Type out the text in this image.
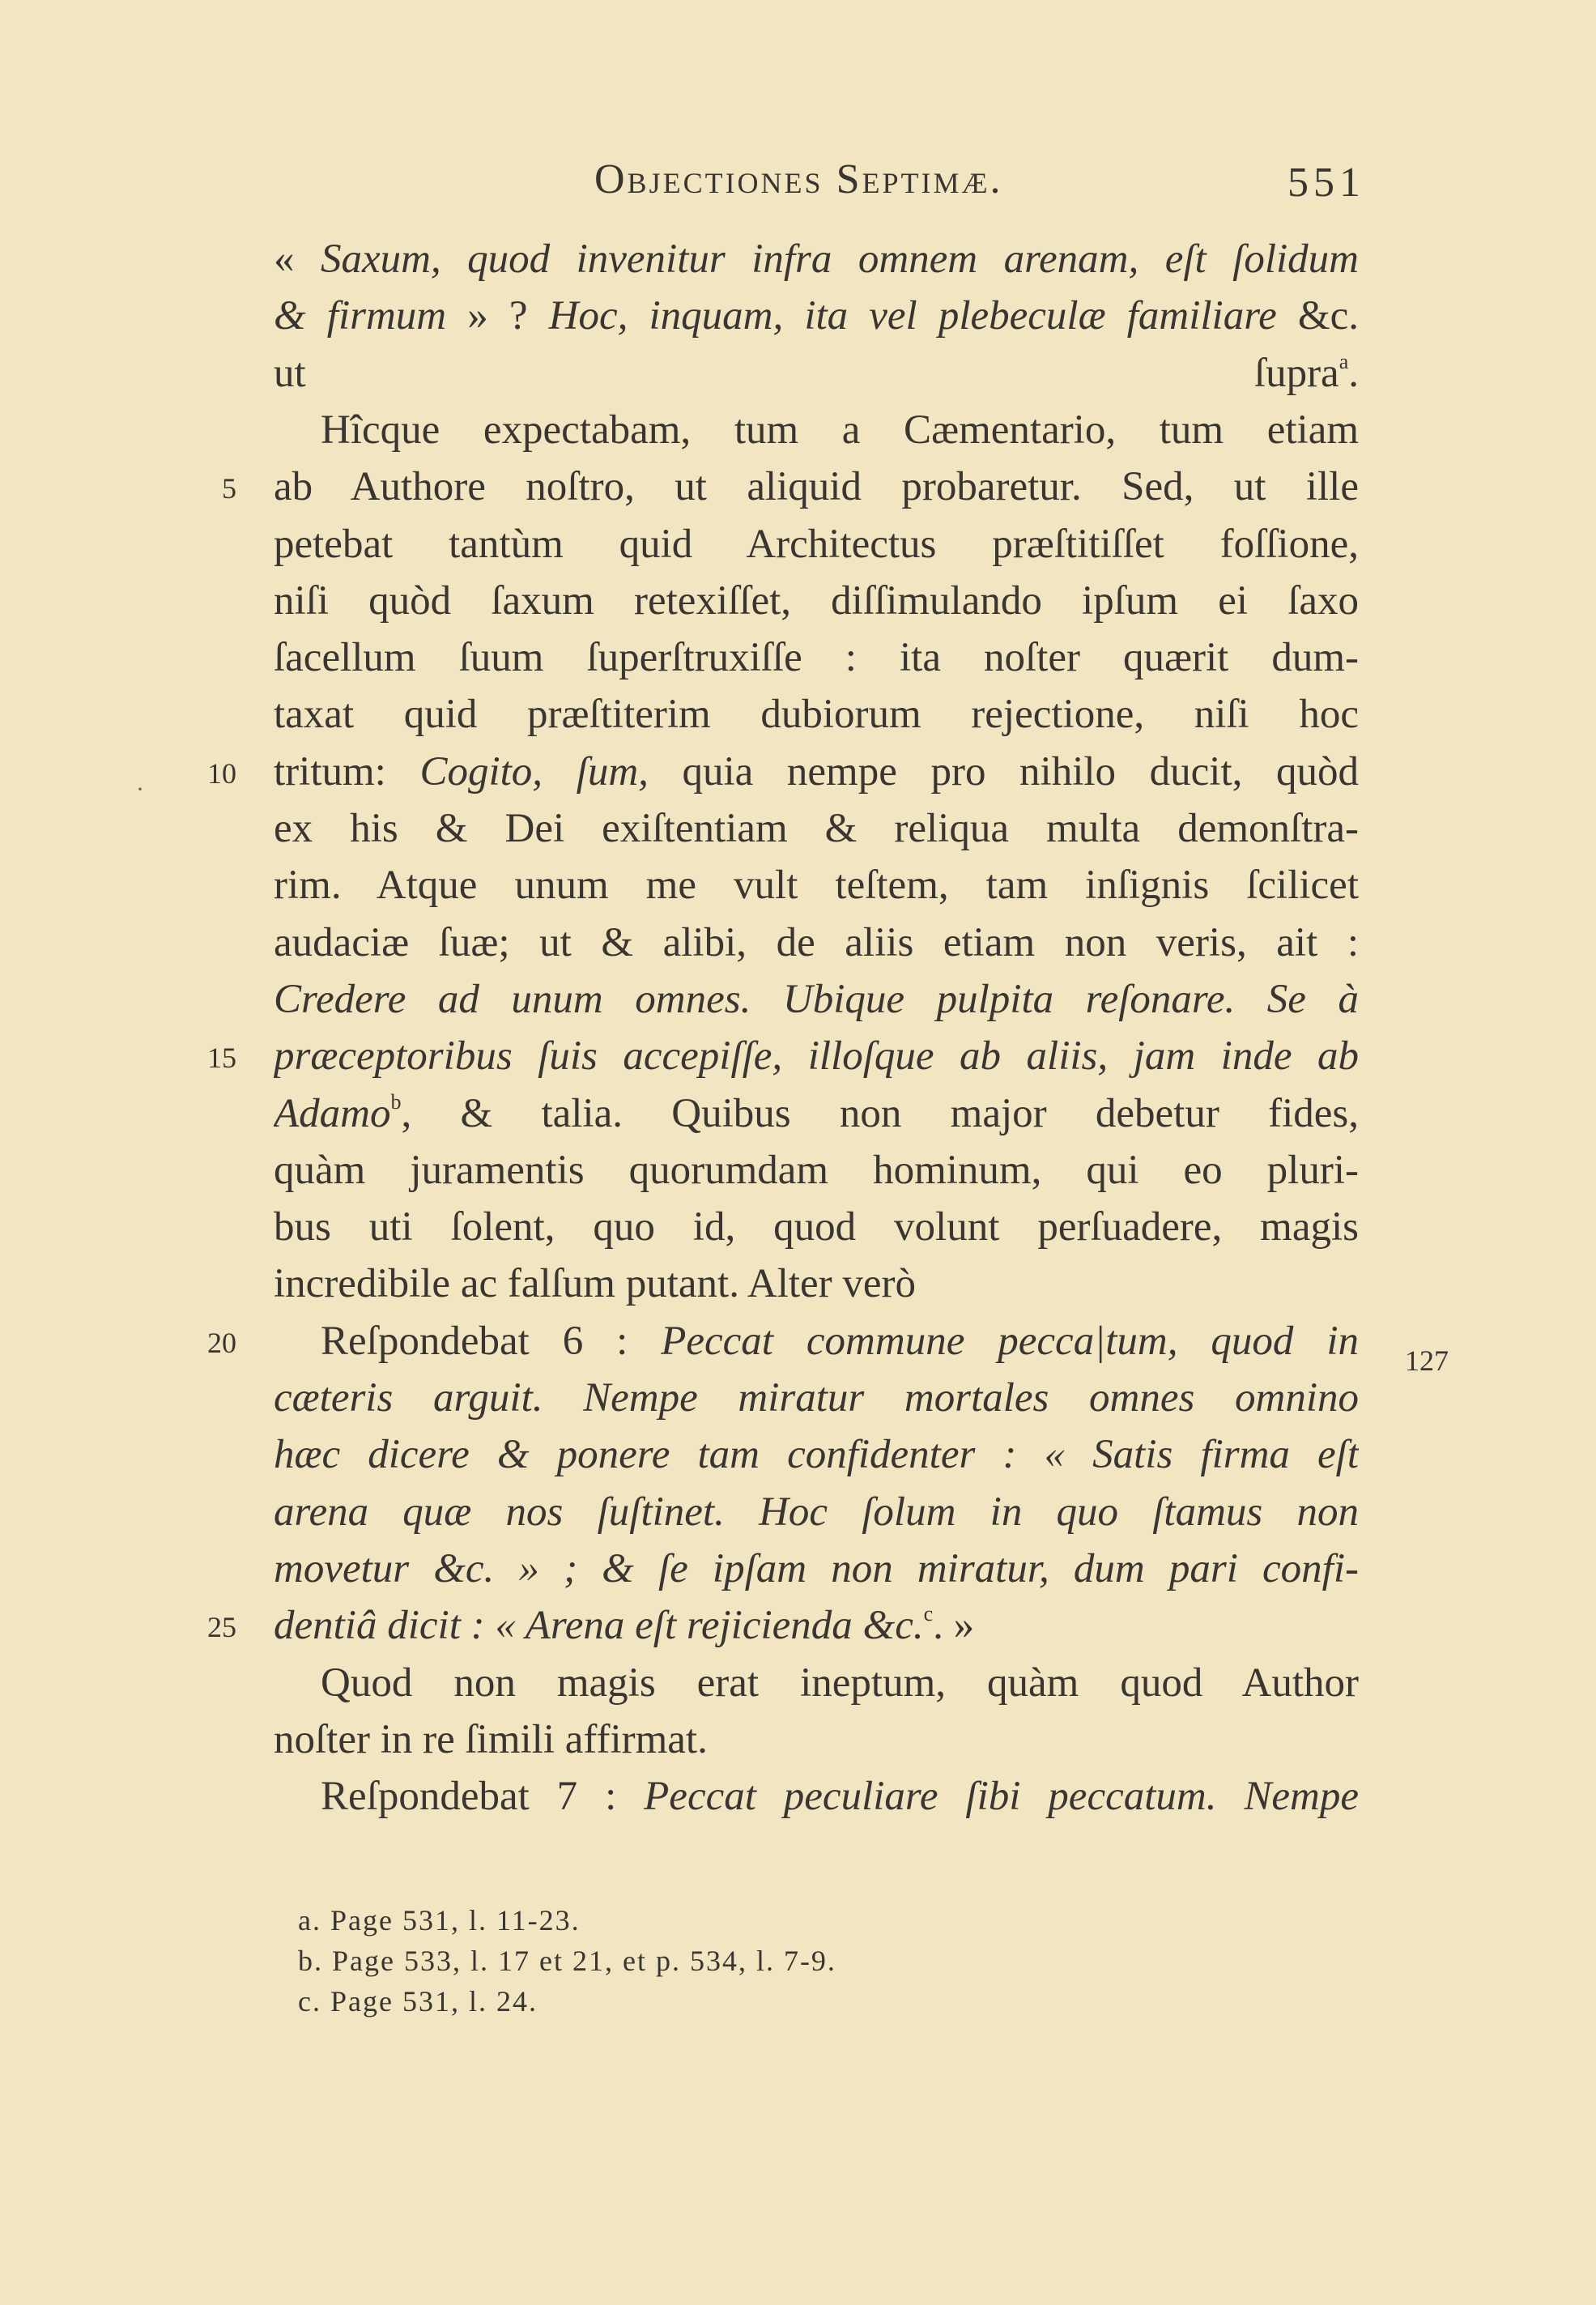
Objectiones Septimæ.	551
« Saxum, quod invenitur infra omnem arenam, eſt ſolidum
& firmum » ? Hoc, inquam, ita vel plebeculæ familiare &c.
ut ſupra$^a$.
Hîcque expectabam, tum a Cæmentario, tum etiam
ab Authore noſtro, ut aliquid probaretur. Sed, ut ille
petebat tantùm quid Architectus præſtitiſſet foſſione,
niſi quòd ſaxum retexiſſet, diſſimulando ipſum ei ſaxo
ſacellum ſuum ſuperſtruxiſſe : ita noſter quærit dum-
taxat quid præſtiterim dubiorum rejectione, niſi hoc
tritum: Cogito, ſum, quia nempe pro nihilo ducit, quòd
ex his & Dei exiſtentiam & reliqua multa demonſtra-
rim. Atque unum me vult teſtem, tam inſignis ſcilicet
audaciæ ſuæ; ut & alibi, de aliis etiam non veris, ait :
Credere ad unum omnes. Ubique pulpita reſonare. Se à
præceptoribus ſuis accepiſſe, illoſque ab aliis, jam inde ab
Adamo$^b$, & talia. Quibus non major debetur fides,
quàm juramentis quorumdam hominum, qui eo pluri-
bus uti ſolent, quo id, quod volunt perſuadere, magis
incredibile ac falſum putant. Alter verò
Reſpondebat 6 : Peccat commune pecca|tum, quod in
cæteris arguit. Nempe miratur mortales omnes omnino
hæc dicere & ponere tam confidenter : « Satis firma eſt
arena quæ nos ſuſtinet. Hoc ſolum in quo ſtamus non
movetur &c. » ; & ſe ipſam non miratur, dum pari confi-
dentiâ dicit : « Arena eſt rejicienda &c.$^c$. »
Quod non magis erat ineptum, quàm quod Author
noſter in re ſimili affirmat.
Reſpondebat 7 : Peccat peculiare ſibi peccatum. Nempe
5
10
15
20
25
·
127
a. Page 531, l. 11-23.
b. Page 533, l. 17 et 21, et p. 534, l. 7-9.
c. Page 531, l. 24.
